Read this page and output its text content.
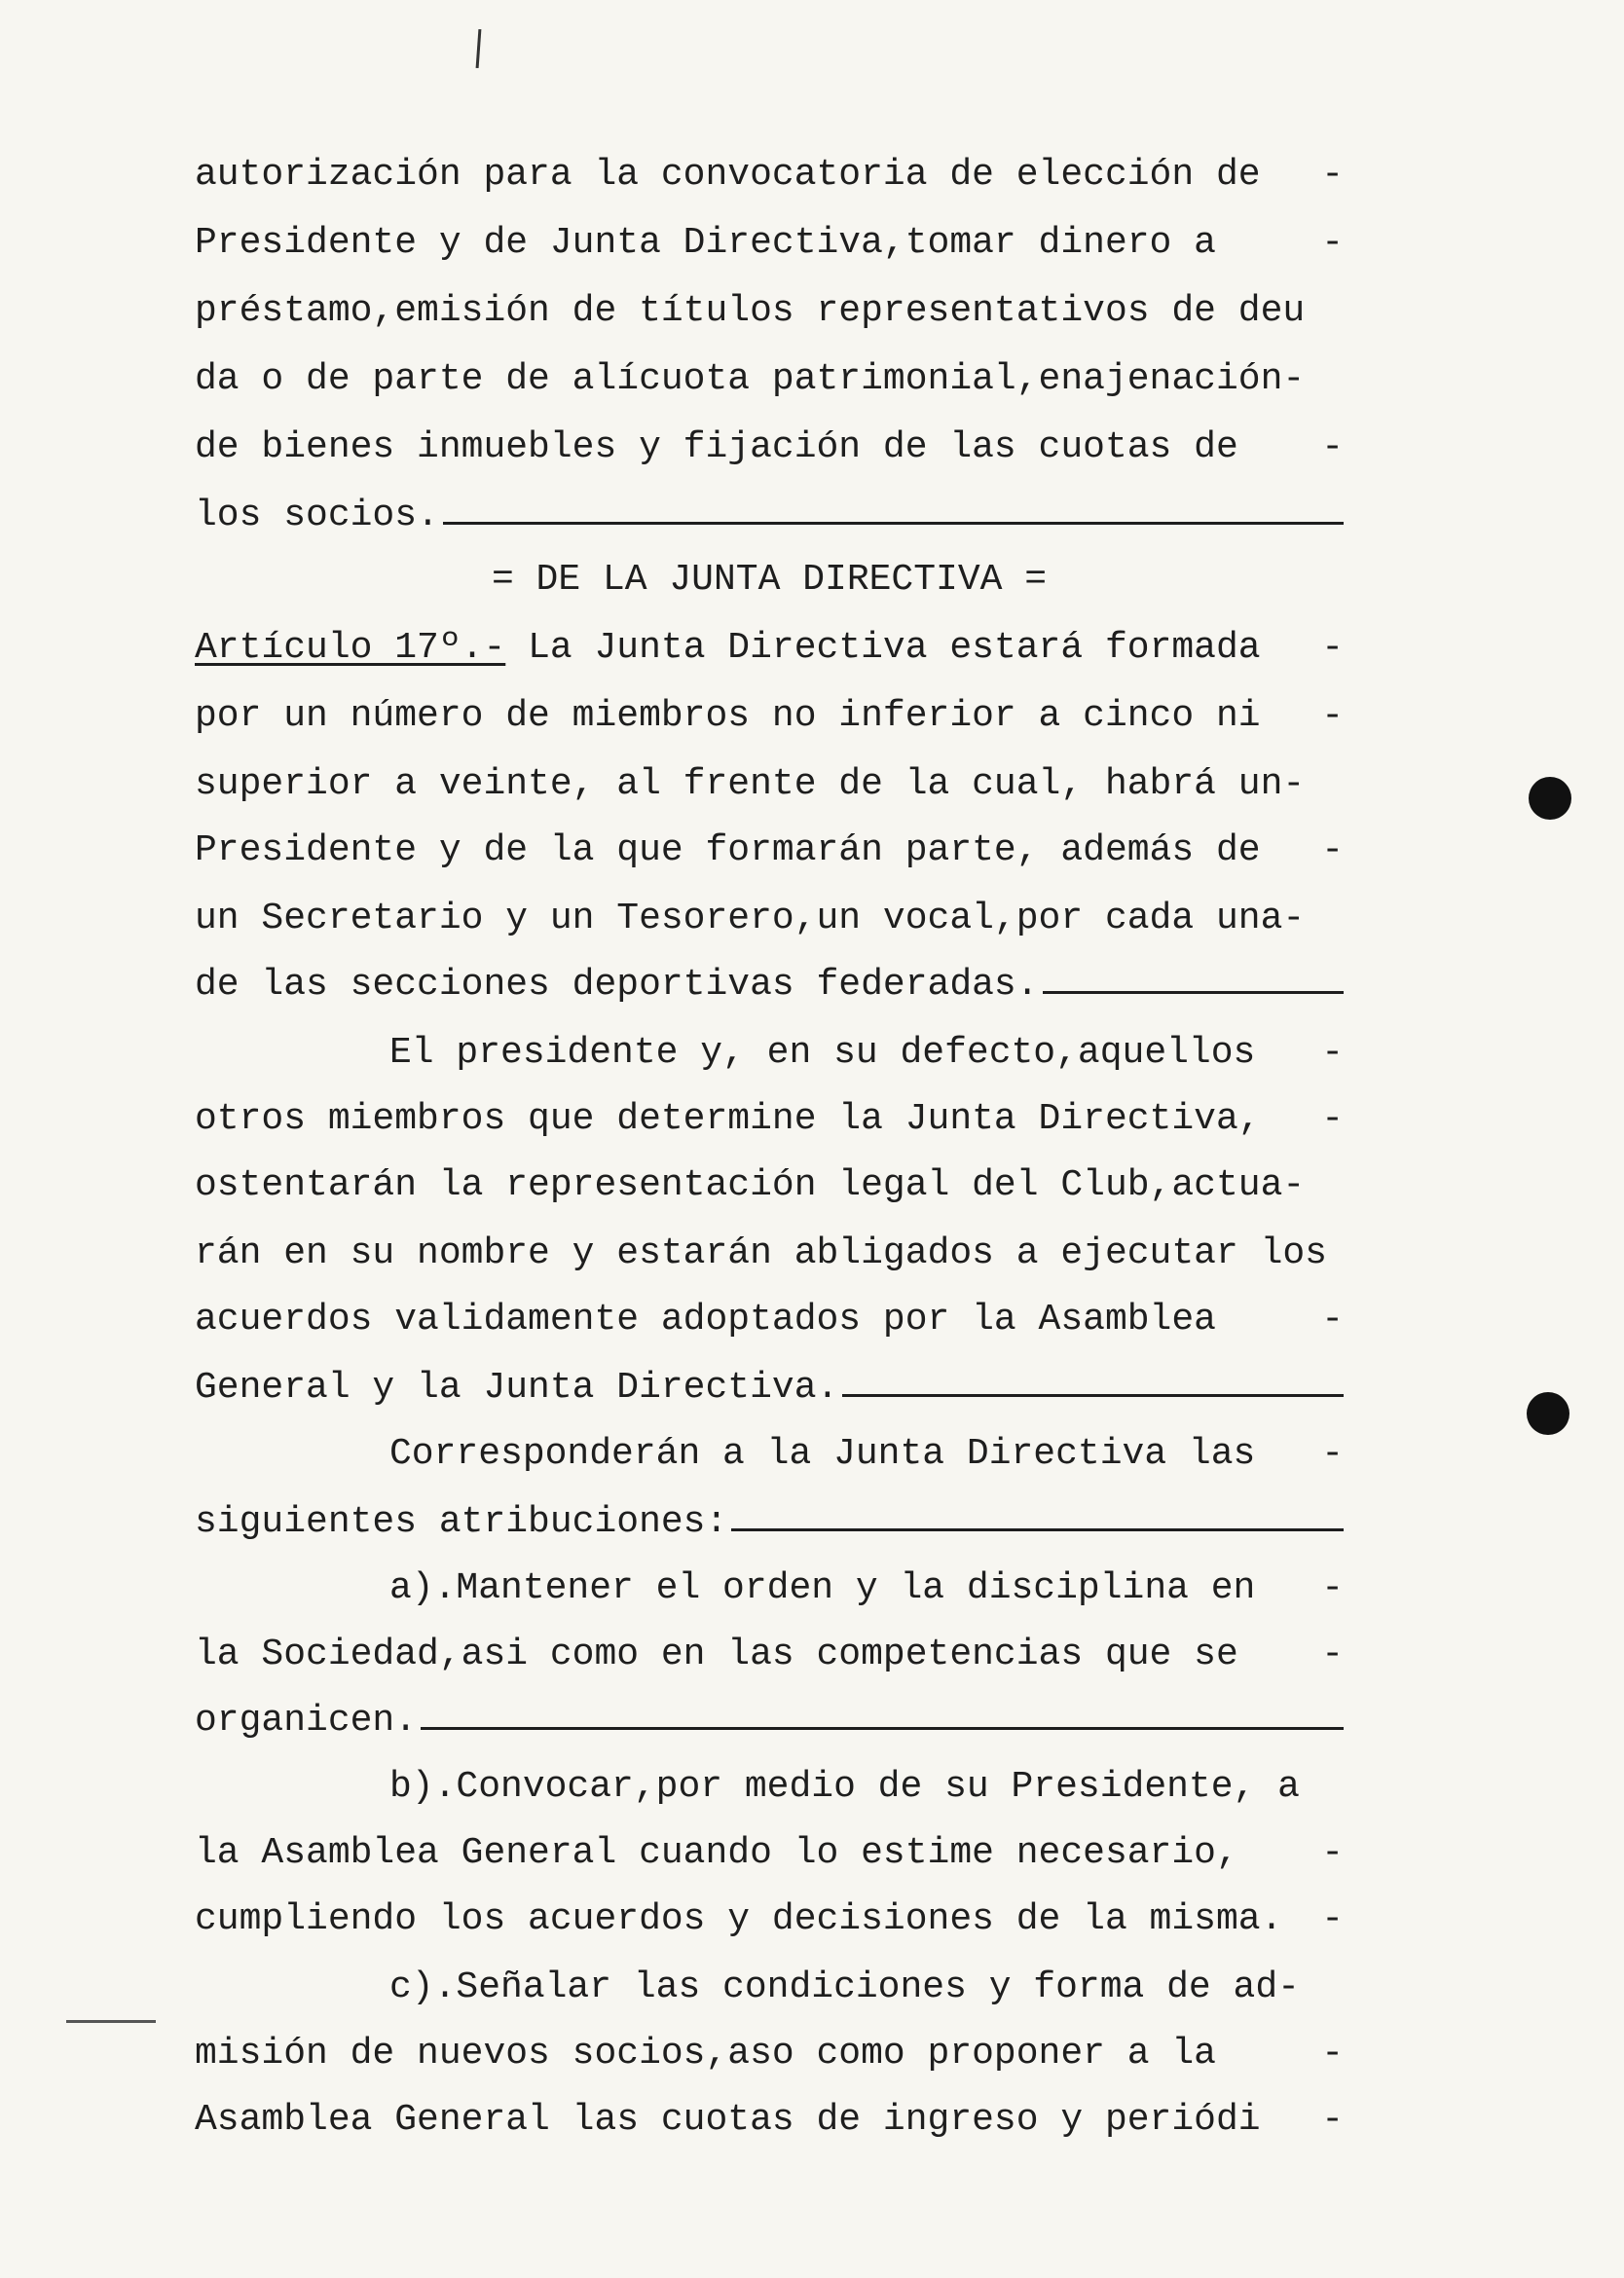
autorización para la convocatoria de elección de -
Presidente y de Junta Directiva,tomar dinero a	-
préstamo,emisión de títulos representativos de deu
da o de parte de alícuota patrimonial,enajenación-
de bienes inmuebles y fijación de las cuotas de -
los socios.
= DE LA JUNTA DIRECTIVA =
Artículo 17º.- La Junta Directiva estará formada -
por un número de miembros no inferior a cinco ni -
superior a veinte, al frente de la cual, habrá un-
Presidente y de la que formarán parte, además de -
un Secretario y un Tesorero,un vocal,por cada una-
de las secciones deportivas federadas.
El presidente y, en su defecto,aquellos -
otros miembros que determine la Junta Directiva, -
ostentarán la representación legal del Club,actua-
rán en su nombre y estarán abligados a ejecutar los
acuerdos validamente adoptados por la Asamblea	-
General y la Junta Directiva.
Corresponderán a la Junta Directiva las -
siguientes atribuciones:
a).Mantener el orden y la disciplina en -
la Sociedad,asi como en las competencias que se -
organicen.
b).Convocar,por medio de su Presidente, a
la Asamblea General cuando lo estime necesario, -
cumpliendo los acuerdos y decisiones de la misma. -
c).Señalar las condiciones y forma de ad-
misión de nuevos socios,aso como proponer a la	-
Asamblea General las cuotas de ingreso y periódi -
